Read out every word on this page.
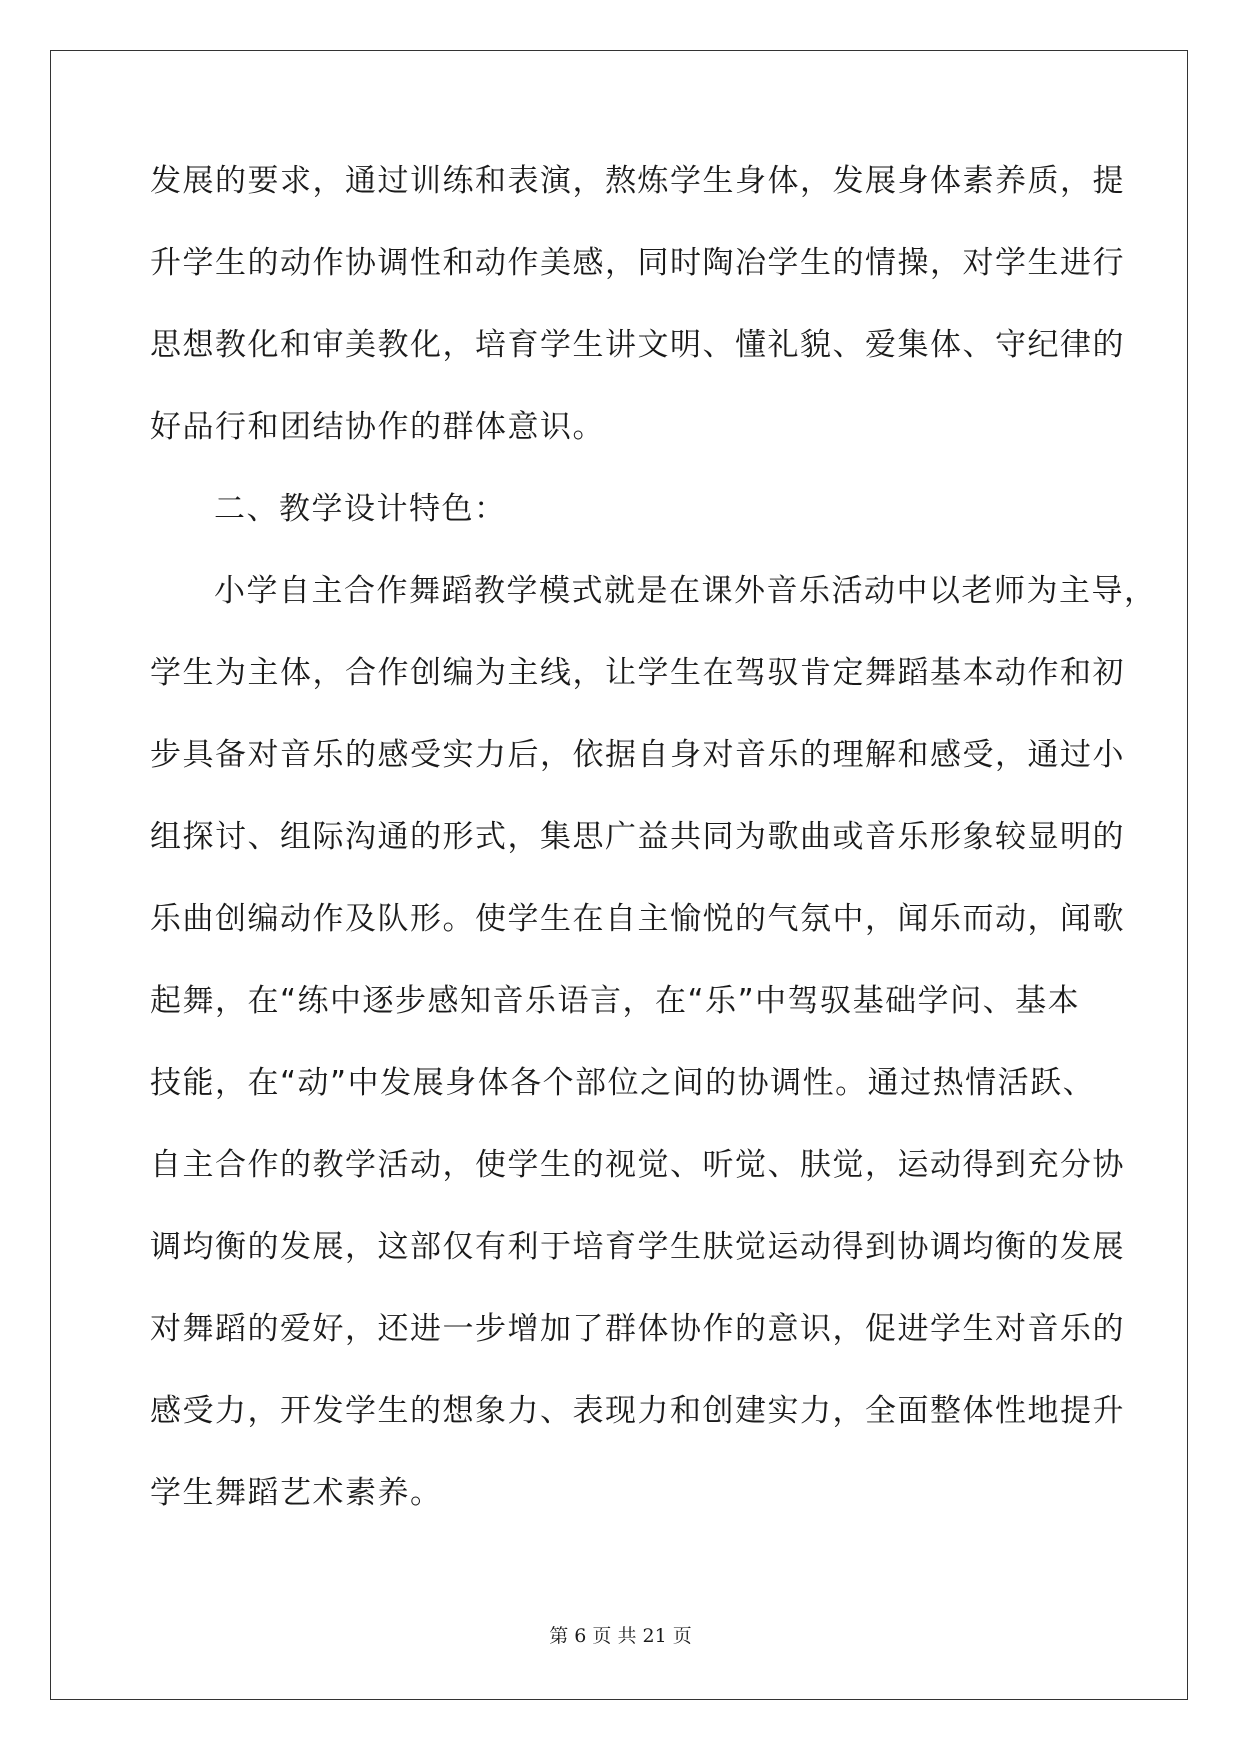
发展的要求，通过训练和表演，熬炼学生身体，发展身体素养质，提
升学生的动作协调性和动作美感，同时陶冶学生的情操，对学生进行
思想教化和审美教化，培育学生讲文明、懂礼貌、爱集体、守纪律的
好品行和团结协作的群体意识。
二、教学设计特色：
小学自主合作舞蹈教学模式就是在课外音乐活动中以老师为主导，
学生为主体，合作创编为主线，让学生在驾驭肯定舞蹈基本动作和初
步具备对音乐的感受实力后，依据自身对音乐的理解和感受，通过小
组探讨、组际沟通的形式，集思广益共同为歌曲或音乐形象较显明的
乐曲创编动作及队形。使学生在自主愉悦的气氛中，闻乐而动，闻歌
起舞，在“练中逐步感知音乐语言，在“乐”中驾驭基础学问、基本
技能，在“动”中发展身体各个部位之间的协调性。通过热情活跃、
自主合作的教学活动，使学生的视觉、听觉、肤觉，运动得到充分协
调均衡的发展，这部仅有利于培育学生肤觉运动得到协调均衡的发展
对舞蹈的爱好，还进一步增加了群体协作的意识，促进学生对音乐的
感受力，开发学生的想象力、表现力和创建实力，全面整体性地提升
学生舞蹈艺术素养。
第 6 页 共 21 页
